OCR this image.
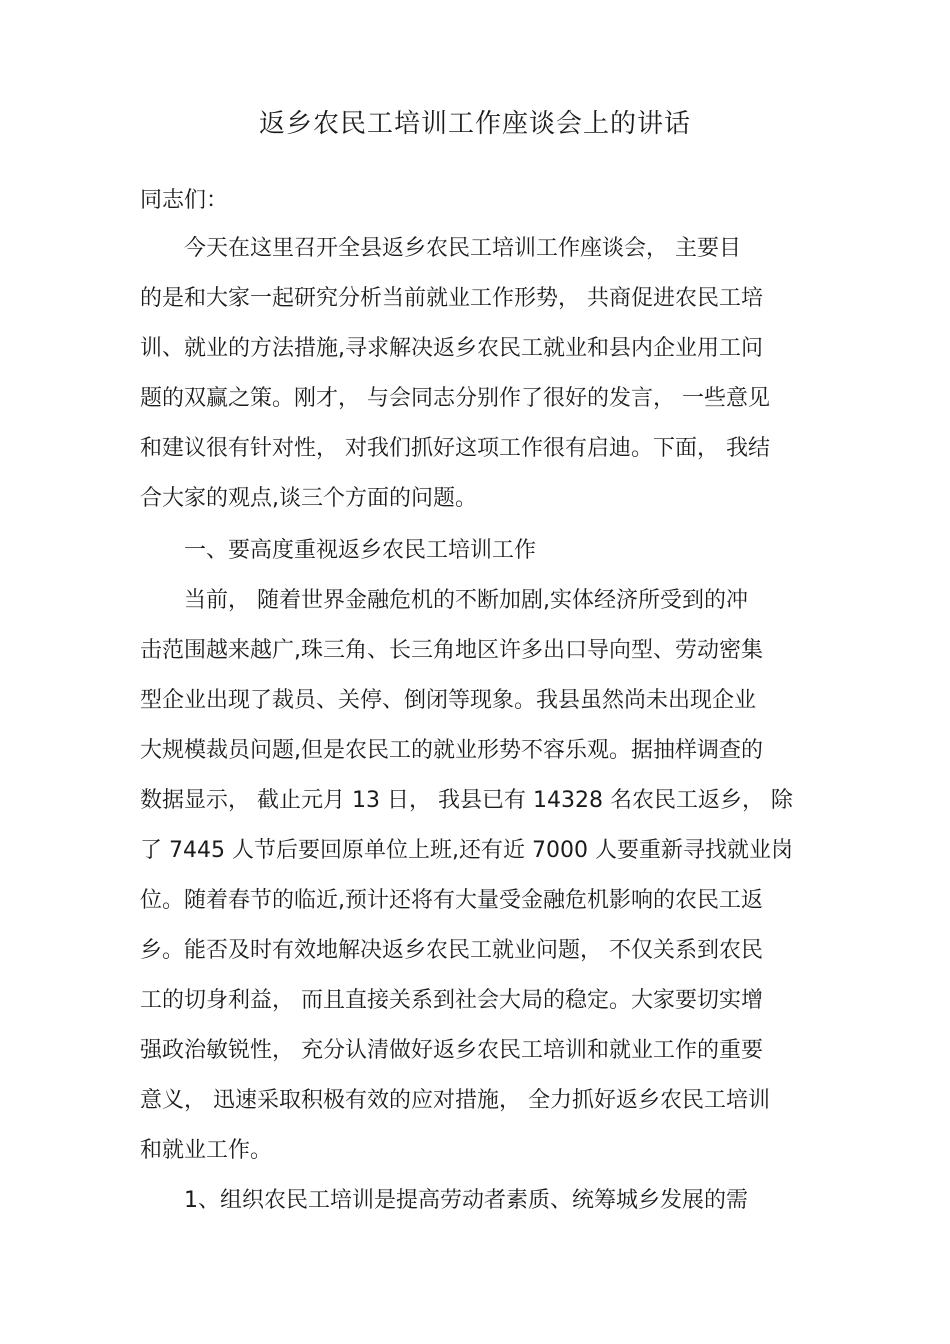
返乡农民工培训工作座谈会上的讲话

同志们：

　　今天在这里召开全县返乡农民工培训工作座谈会， 主要目

的是和大家一起研究分析当前就业工作形势， 共商促进农民工培

训、就业的方法措施,寻求解决返乡农民工就业和县内企业用工问

题的双赢之策。刚才， 与会同志分别作了很好的发言， 一些意见

和建议很有针对性， 对我们抓好这项工作很有启迪。下面， 我结

合大家的观点,谈三个方面的问题。

　　一、要高度重视返乡农民工培训工作

　　当前， 随着世界金融危机的不断加剧,实体经济所受到的冲

击范围越来越广,珠三角、长三角地区许多出口导向型、劳动密集

型企业出现了裁员、关停、倒闭等现象。我县虽然尚未出现企业

大规模裁员问题,但是农民工的就业形势不容乐观。据抽样调查的

数据显示， 截止元月 13 日， 我县已有 14328 名农民工返乡， 除

了 7445 人节后要回原单位上班,还有近 7000 人要重新寻找就业岗

位。随着春节的临近,预计还将有大量受金融危机影响的农民工返

乡。能否及时有效地解决返乡农民工就业问题， 不仅关系到农民

工的切身利益， 而且直接关系到社会大局的稳定。大家要切实增

强政治敏锐性， 充分认清做好返乡农民工培训和就业工作的重要

意义， 迅速采取积极有效的应对措施， 全力抓好返乡农民工培训

和就业工作。

　　1、组织农民工培训是提高劳动者素质、统筹城乡发展的需
